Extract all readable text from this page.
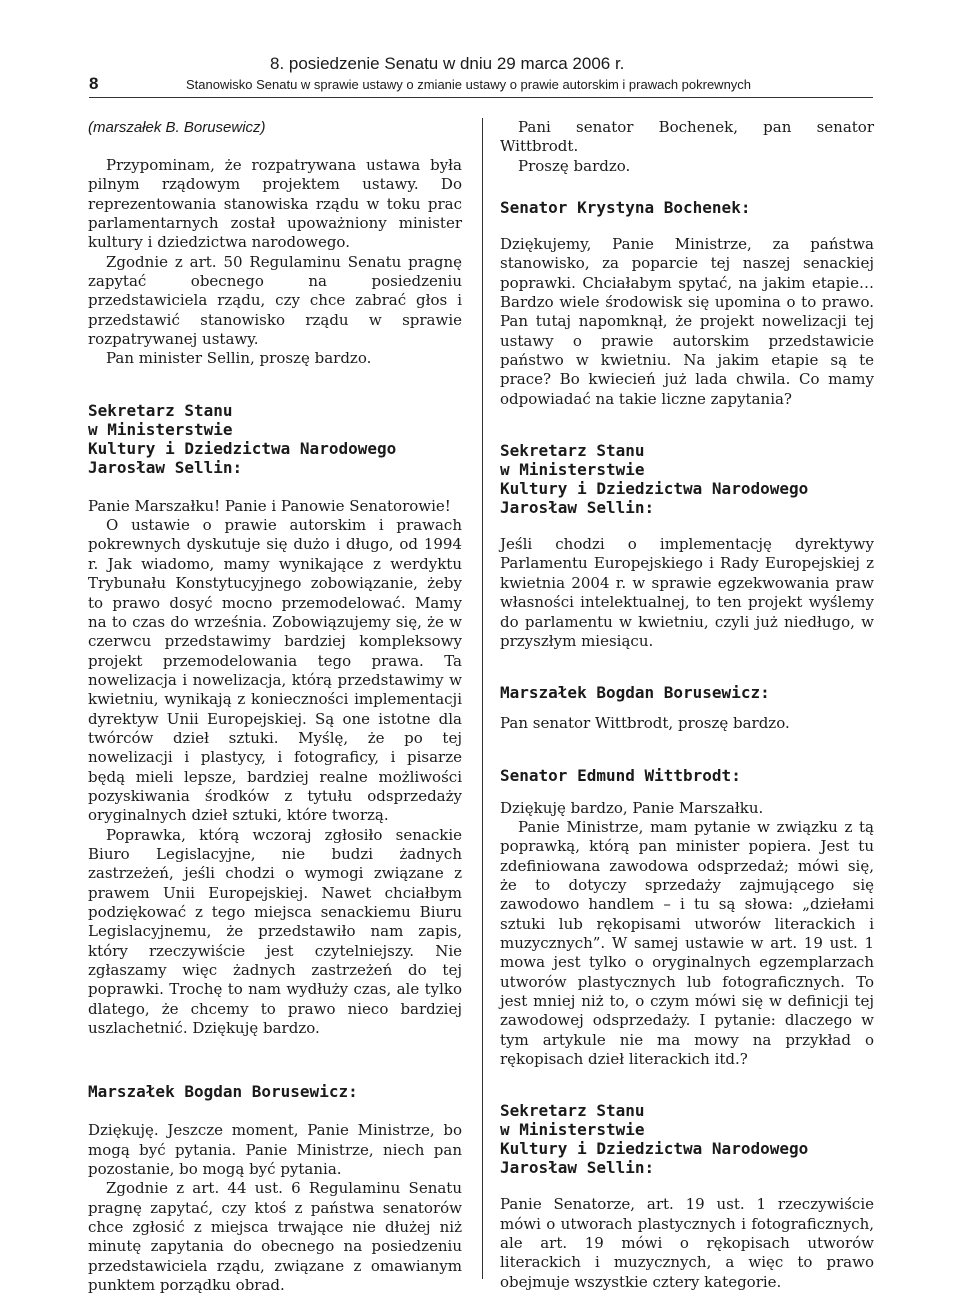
8
8. posiedzenie Senatu w dniu 29 marca 2006 r.
Stanowisko Senatu w sprawie ustawy o zmianie ustawy o prawie autorskim i prawach pokrewnych

(marszałek B. Borusewicz)

Przypominam, że rozpatrywana ustawa była pilnym rządowym projektem ustawy. Do reprezentowania stanowiska rządu w toku prac parlamentarnych został upoważniony minister kultury i dziedzictwa narodowego.

Zgodnie z art. 50 Regulaminu Senatu pragnę zapytać obecnego na posiedzeniu przedstawiciela rządu, czy chce zabrać głos i przedstawić stanowisko rządu w sprawie rozpatrywanej ustawy.

Pan minister Sellin, proszę bardzo.

Sekretarz Stanu
w Ministerstwie
Kultury i Dziedzictwa Narodowego
Jarosław Sellin:

Panie Marszałku! Panie i Panowie Senatorowie!

O ustawie o prawie autorskim i prawach pokrewnych dyskutuje się dużo i długo, od 1994 r. Jak wiadomo, mamy wynikające z werdyktu Trybunału Konstytucyjnego zobowiązanie, żeby to prawo dosyć mocno przemodelować. Mamy na to czas do września. Zobowiązujemy się, że w czerwcu przedstawimy bardziej kompleksowy projekt przemodelowania tego prawa. Ta nowelizacja i nowelizacja, którą przedstawimy w kwietniu, wynikają z konieczności implementacji dyrektyw Unii Europejskiej. Są one istotne dla twórców dzieł sztuki. Myślę, że po tej nowelizacji i plastycy, i fotograficy, i pisarze będą mieli lepsze, bardziej realne możliwości pozyskiwania środków z tytułu odsprzedaży oryginalnych dzieł sztuki, które tworzą.

Poprawka, którą wczoraj zgłosiło senackie Biuro Legislacyjne, nie budzi żadnych zastrzeżeń, jeśli chodzi o wymogi związane z prawem Unii Europejskiej. Nawet chciałbym podziękować z tego miejsca senackiemu Biuru Legislacyjnemu, że przedstawiło nam zapis, który rzeczywiście jest czytelniejszy. Nie zgłaszamy więc żadnych zastrzeżeń do tej poprawki. Trochę to nam wydłuży czas, ale tylko dlatego, że chcemy to prawo nieco bardziej uszlachetnić. Dziękuję bardzo.

Marszałek Bogdan Borusewicz:

Dziękuję. Jeszcze moment, Panie Ministrze, bo mogą być pytania. Panie Ministrze, niech pan pozostanie, bo mogą być pytania.

Zgodnie z art. 44 ust. 6 Regulaminu Senatu pragnę zapytać, czy ktoś z państwa senatorów chce zgłosić z miejsca trwające nie dłużej niż minutę zapytania do obecnego na posiedzeniu przedstawiciela rządu, związane z omawianym punktem porządku obrad.

Pani senator Bochenek, pan senator Wittbrodt.

Proszę bardzo.

Senator Krystyna Bochenek:

Dziękujemy, Panie Ministrze, za państwa stanowisko, za poparcie tej naszej senackiej poprawki. Chciałabym spytać, na jakim etapie… Bardzo wiele środowisk się upomina o to prawo. Pan tutaj napomknął, że projekt nowelizacji tej ustawy o prawie autorskim przedstawicie państwo w kwietniu. Na jakim etapie są te prace? Bo kwiecień już lada chwila. Co mamy odpowiadać na takie liczne zapytania?

Sekretarz Stanu
w Ministerstwie
Kultury i Dziedzictwa Narodowego
Jarosław Sellin:

Jeśli chodzi o implementację dyrektywy Parlamentu Europejskiego i Rady Europejskiej z kwietnia 2004 r. w sprawie egzekwowania praw własności intelektualnej, to ten projekt wyślemy do parlamentu w kwietniu, czyli już niedługo, w przyszłym miesiącu.

Marszałek Bogdan Borusewicz:

Pan senator Wittbrodt, proszę bardzo.

Senator Edmund Wittbrodt:

Dziękuję bardzo, Panie Marszałku.

Panie Ministrze, mam pytanie w związku z tą poprawką, którą pan minister popiera. Jest tu zdefiniowana zawodowa odsprzedaż; mówi się, że to dotyczy sprzedaży zajmującego się zawodowo handlem – i tu są słowa: „dziełami sztuki lub rękopisami utworów literackich i muzycznych”. W samej ustawie w art. 19 ust. 1 mowa jest tylko o oryginalnych egzemplarzach utworów plastycznych lub fotograficznych. To jest mniej niż to, o czym mówi się w definicji tej zawodowej odsprzedaży. I pytanie: dlaczego w tym artykule nie ma mowy na przykład o rękopisach dzieł literackich itd.?

Sekretarz Stanu
w Ministerstwie
Kultury i Dziedzictwa Narodowego
Jarosław Sellin:

Panie Senatorze, art. 19 ust. 1 rzeczywiście mówi o utworach plastycznych i fotograficznych, ale art. 19 mówi o rękopisach utworów literackich i muzycznych, a więc to prawo obejmuje wszystkie cztery kategorie.
